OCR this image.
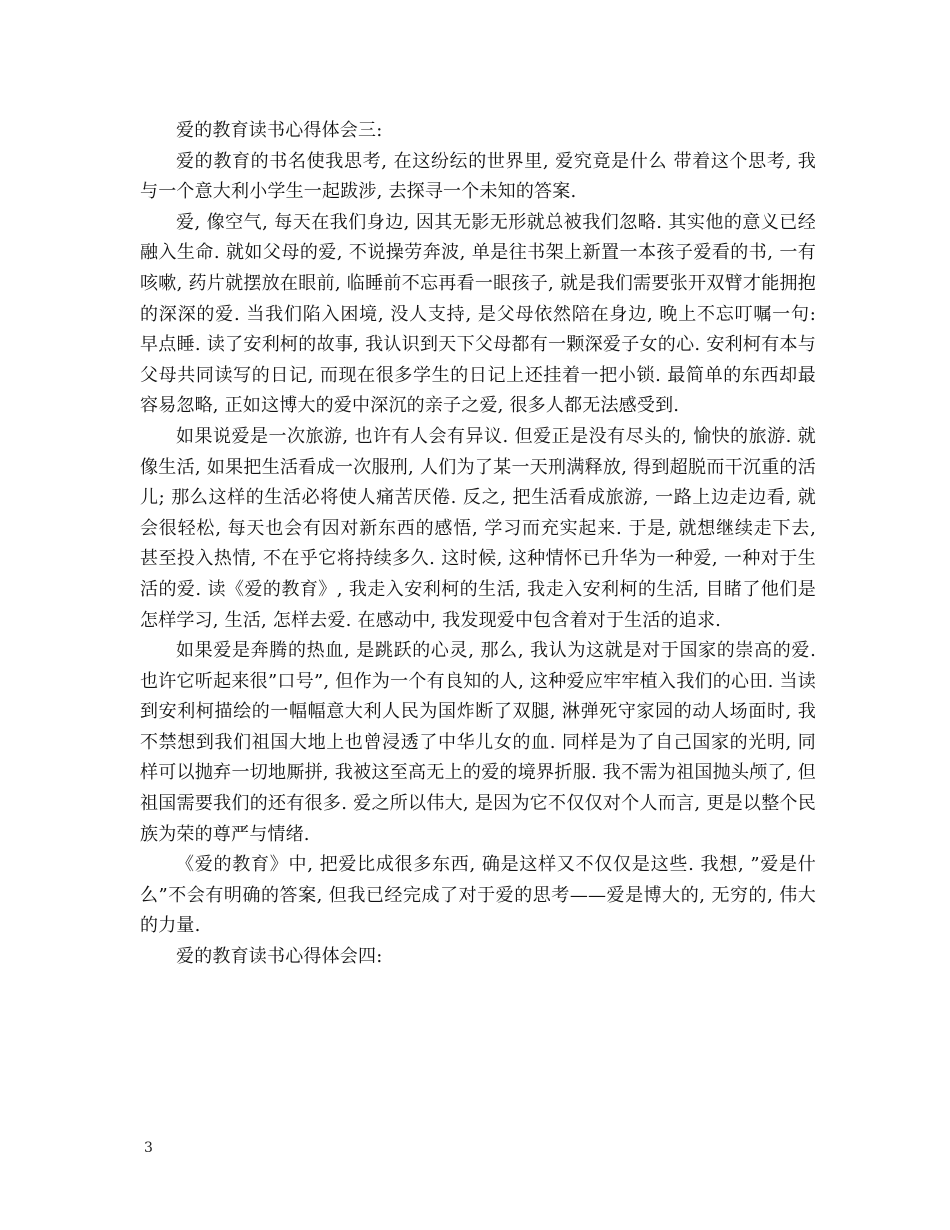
爱的教育读书心得体会三:

爱的教育的书名使我思考, 在这纷纭的世界里, 爱究竟是什么 带着这个思考, 我与一个意大利小学生一起跋涉, 去探寻一个未知的答案.

爱, 像空气, 每天在我们身边, 因其无影无形就总被我们忽略. 其实他的意义已经融入生命. 就如父母的爱, 不说操劳奔波, 单是往书架上新置一本孩子爱看的书, 一有咳嗽, 药片就摆放在眼前, 临睡前不忘再看一眼孩子, 就是我们需要张开双臂才能拥抱的深深的爱. 当我们陷入困境, 没人支持, 是父母依然陪在身边, 晚上不忘叮嘱一句: 早点睡. 读了安利柯的故事, 我认识到天下父母都有一颗深爱子女的心. 安利柯有本与父母共同读写的日记, 而现在很多学生的日记上还挂着一把小锁. 最简单的东西却最容易忽略, 正如这博大的爱中深沉的亲子之爱, 很多人都无法感受到.

如果说爱是一次旅游, 也许有人会有异议. 但爱正是没有尽头的, 愉快的旅游. 就像生活, 如果把生活看成一次服刑, 人们为了某一天刑满释放, 得到超脱而干沉重的活儿; 那么这样的生活必将使人痛苦厌倦. 反之, 把生活看成旅游, 一路上边走边看, 就会很轻松, 每天也会有因对新东西的感悟, 学习而充实起来. 于是, 就想继续走下去, 甚至投入热情, 不在乎它将持续多久. 这时候, 这种情怀已升华为一种爱, 一种对于生活的爱. 读《爱的教育》, 我走入安利柯的生活, 我走入安利柯的生活, 目睹了他们是怎样学习, 生活, 怎样去爱. 在感动中, 我发现爱中包含着对于生活的追求.

如果爱是奔腾的热血, 是跳跃的心灵, 那么, 我认为这就是对于国家的崇高的爱. 也许它听起来很”口号”, 但作为一个有良知的人, 这种爱应牢牢植入我们的心田. 当读到安利柯描绘的一幅幅意大利人民为国炸断了双腿, 淋弹死守家园的动人场面时, 我不禁想到我们祖国大地上也曾浸透了中华儿女的血. 同样是为了自己国家的光明, 同样可以抛弃一切地厮拼, 我被这至高无上的爱的境界折服. 我不需为祖国抛头颅了, 但祖国需要我们的还有很多. 爱之所以伟大, 是因为它不仅仅对个人而言, 更是以整个民族为荣的尊严与情绪.

《爱的教育》中, 把爱比成很多东西, 确是这样又不仅仅是这些. 我想, ”爱是什么”不会有明确的答案, 但我已经完成了对于爱的思考——爱是博大的, 无穷的, 伟大的力量.

爱的教育读书心得体会四:

3
